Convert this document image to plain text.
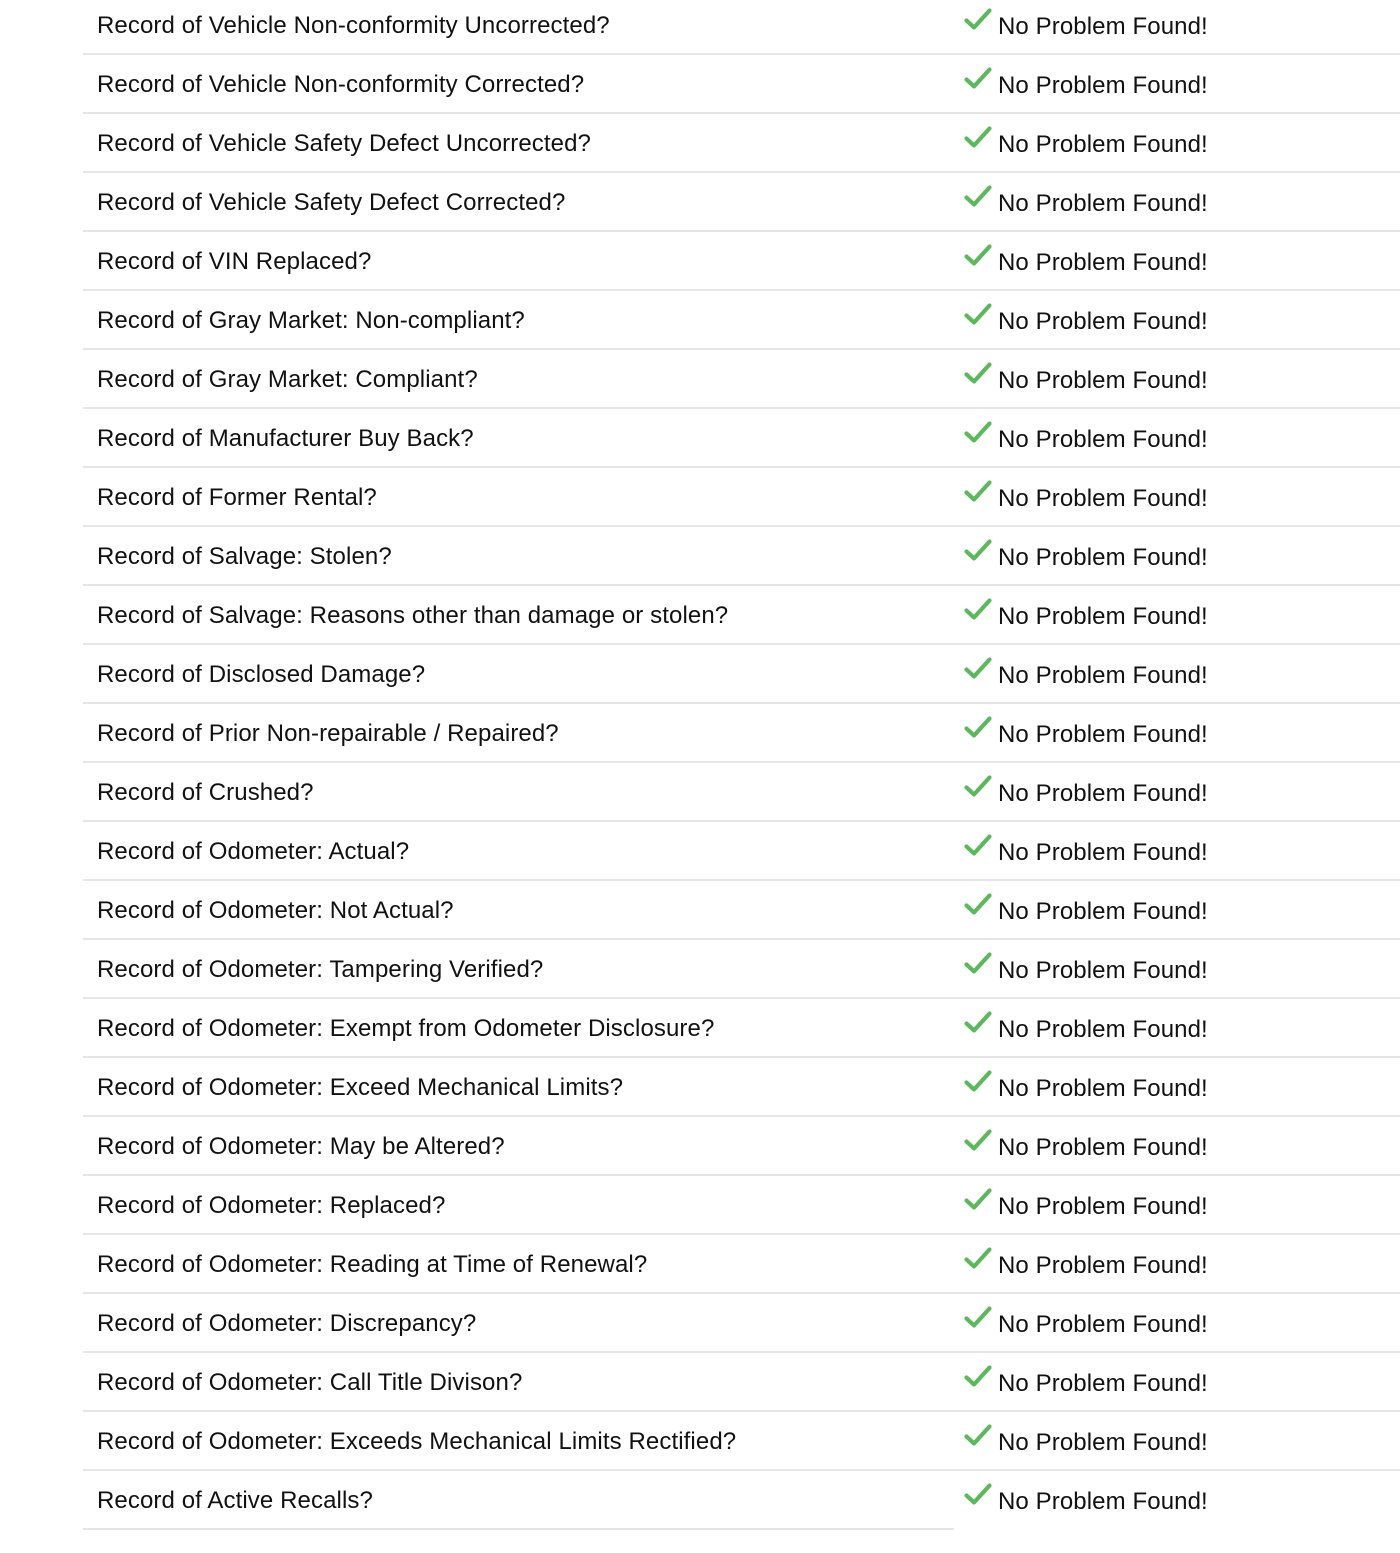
Record of Vehicle Non-conformity Uncorrected?	No Problem Found!
Record of Vehicle Non-conformity Corrected?	No Problem Found!
Record of Vehicle Safety Defect Uncorrected?	No Problem Found!
Record of Vehicle Safety Defect Corrected?	No Problem Found!
Record of VIN Replaced?	No Problem Found!
Record of Gray Market: Non-compliant?	No Problem Found!
Record of Gray Market: Compliant?	No Problem Found!
Record of Manufacturer Buy Back?	No Problem Found!
Record of Former Rental?	No Problem Found!
Record of Salvage: Stolen?	No Problem Found!
Record of Salvage: Reasons other than damage or stolen?	No Problem Found!
Record of Disclosed Damage?	No Problem Found!
Record of Prior Non-repairable / Repaired?	No Problem Found!
Record of Crushed?	No Problem Found!
Record of Odometer: Actual?	No Problem Found!
Record of Odometer: Not Actual?	No Problem Found!
Record of Odometer: Tampering Verified?	No Problem Found!
Record of Odometer: Exempt from Odometer Disclosure?	No Problem Found!
Record of Odometer: Exceed Mechanical Limits?	No Problem Found!
Record of Odometer: May be Altered?	No Problem Found!
Record of Odometer: Replaced?	No Problem Found!
Record of Odometer: Reading at Time of Renewal?	No Problem Found!
Record of Odometer: Discrepancy?	No Problem Found!
Record of Odometer: Call Title Divison?	No Problem Found!
Record of Odometer: Exceeds Mechanical Limits Rectified?	No Problem Found!
Record of Active Recalls?	No Problem Found!
